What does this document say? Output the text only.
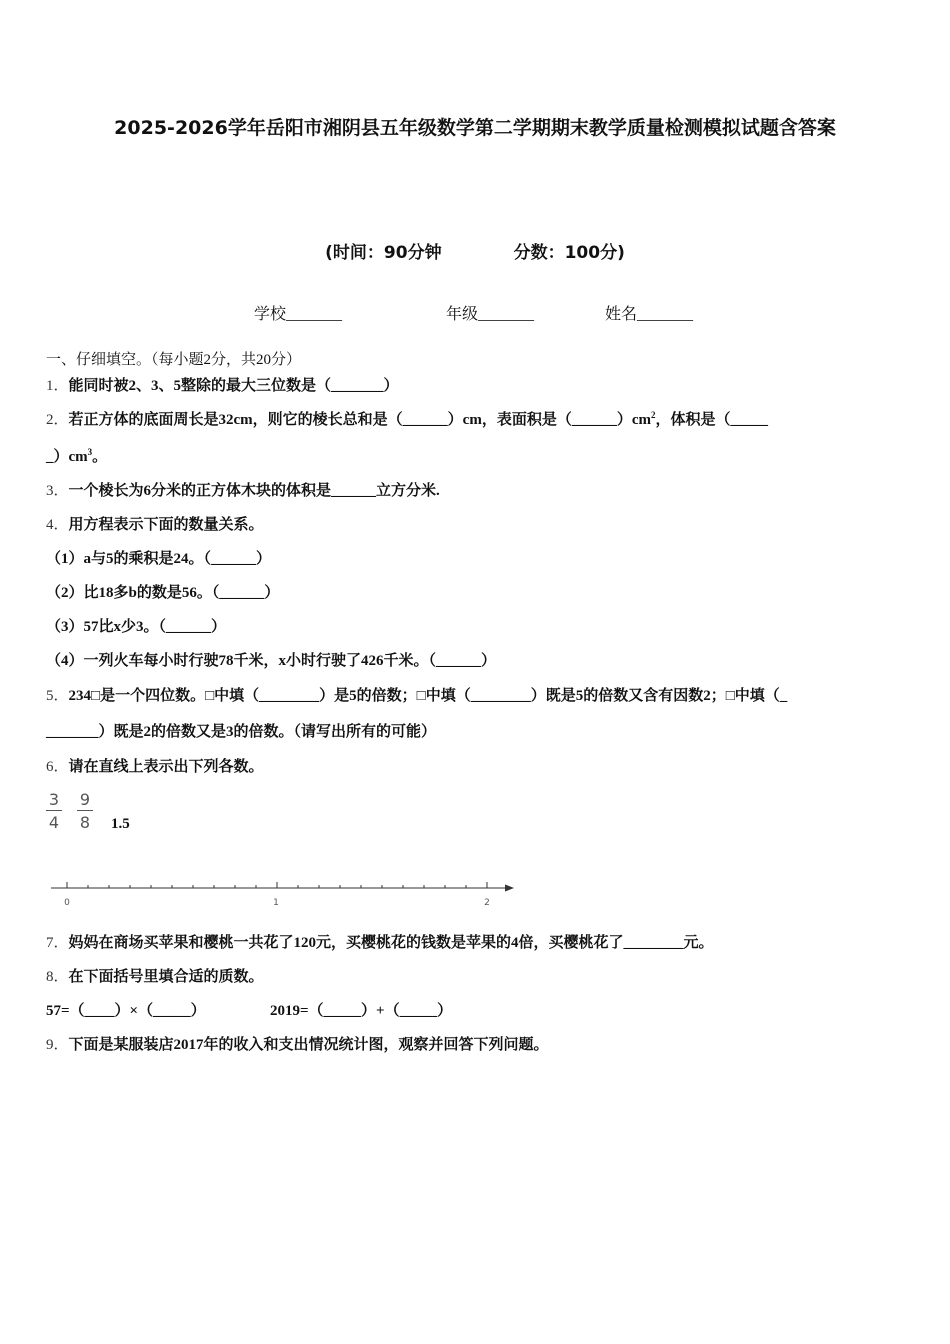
2025-2026学年岳阳市湘阴县五年级数学第二学期期末教学质量检测模拟试题含答案
(时间：90分钟	分数：100分)
学校_______	年级_______	姓名_______
一、仔细填空。（每小题2分，共20分）
1．能同时被2、3、5整除的最大三位数是（_______）
2．若正方体的底面周长是32cm，则它的棱长总和是（______）cm，表面积是$(\_\_\_\_\_\_)cm^2$，体积是（_____
$\_)cm^3$。
3．一个棱长为6分米的正方体木块的体积是______立方分米.
4．用方程表示下面的数量关系。
（1）a与5的乘积是24。（______）
（2）比18多b的数是56。（______）
（3）57比x少3。（______）
（4）一列火车每小时行驶78千米，x小时行驶了426千米。（______）
5．234□是一个四位数。□中填（________）是5的倍数；□中填（________）既是5的倍数又含有因数2；□中填（_
_______）既是2的倍数又是3的倍数。（请写出所有的可能）
6．请在直线上表示出下列各数。
3
4
9
8 1.5
0	1	2
7．妈妈在商场买苹果和樱桃一共花了120元，买樱桃花的钱数是苹果的4倍，买樱桃花了________元。
8．在下面括号里填合适的质数。
57=（____）×（_____）	2019=（_____）+（_____）
9．下面是某服装店2017年的收入和支出情况统计图，观察并回答下列问题。
